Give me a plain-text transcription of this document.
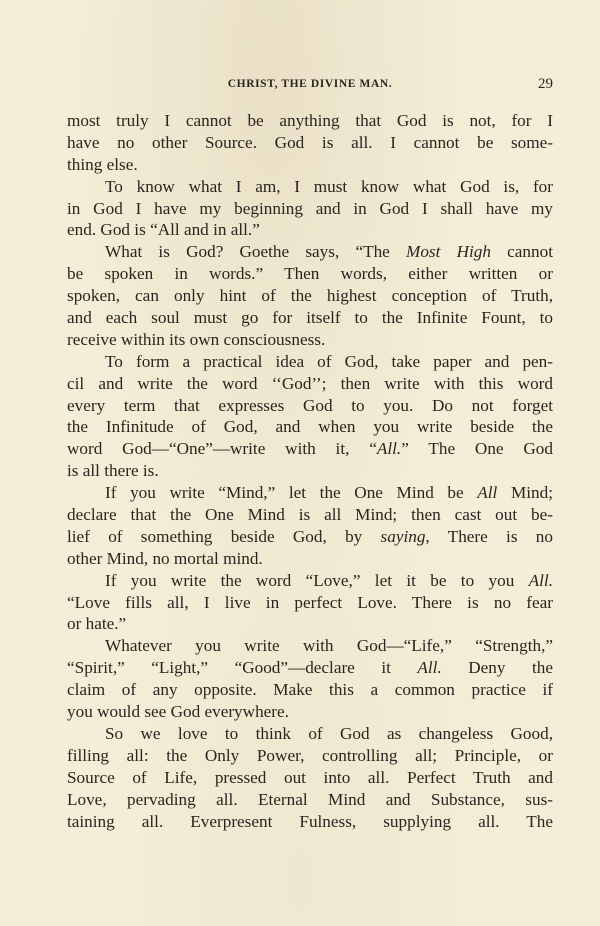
CHRIST, THE DIVINE MAN.	29
most truly I cannot be anything that God is not, for I
have no other Source. God is all. I cannot be some-
thing else.
To know what I am, I must know what God is, for
in God I have my beginning and in God I shall have my
end. God is “All and in all.”
What is God? Goethe says, “The Most High cannot
be spoken in words.” Then words, either written or
spoken, can only hint of the highest conception of Truth,
and each soul must go for itself to the Infinite Fount, to
receive within its own consciousness.
To form a practical idea of God, take paper and pen-
cil and write the word ‘‘God’’; then write with this word
every term that expresses God to you. Do not forget
the Infinitude of God, and when you write beside the
word God—“One”—write with it, “All.” The One God
is all there is.
If you write “Mind,” let the One Mind be All Mind;
declare that the One Mind is all Mind; then cast out be-
lief of something beside God, by saying, There is no
other Mind, no mortal mind.
If you write the word “Love,” let it be to you All.
“Love fills all, I live in perfect Love. There is no fear
or hate.”
Whatever you write with God—“Life,” “Strength,”
“Spirit,” “Light,” “Good”—declare it All. Deny the
claim of any opposite. Make this a common practice if
you would see God everywhere.
So we love to think of God as changeless Good,
filling all: the Only Power, controlling all; Principle, or
Source of Life, pressed out into all. Perfect Truth and
Love, pervading all. Eternal Mind and Substance, sus-
taining all. Everpresent Fulness, supplying all. The
